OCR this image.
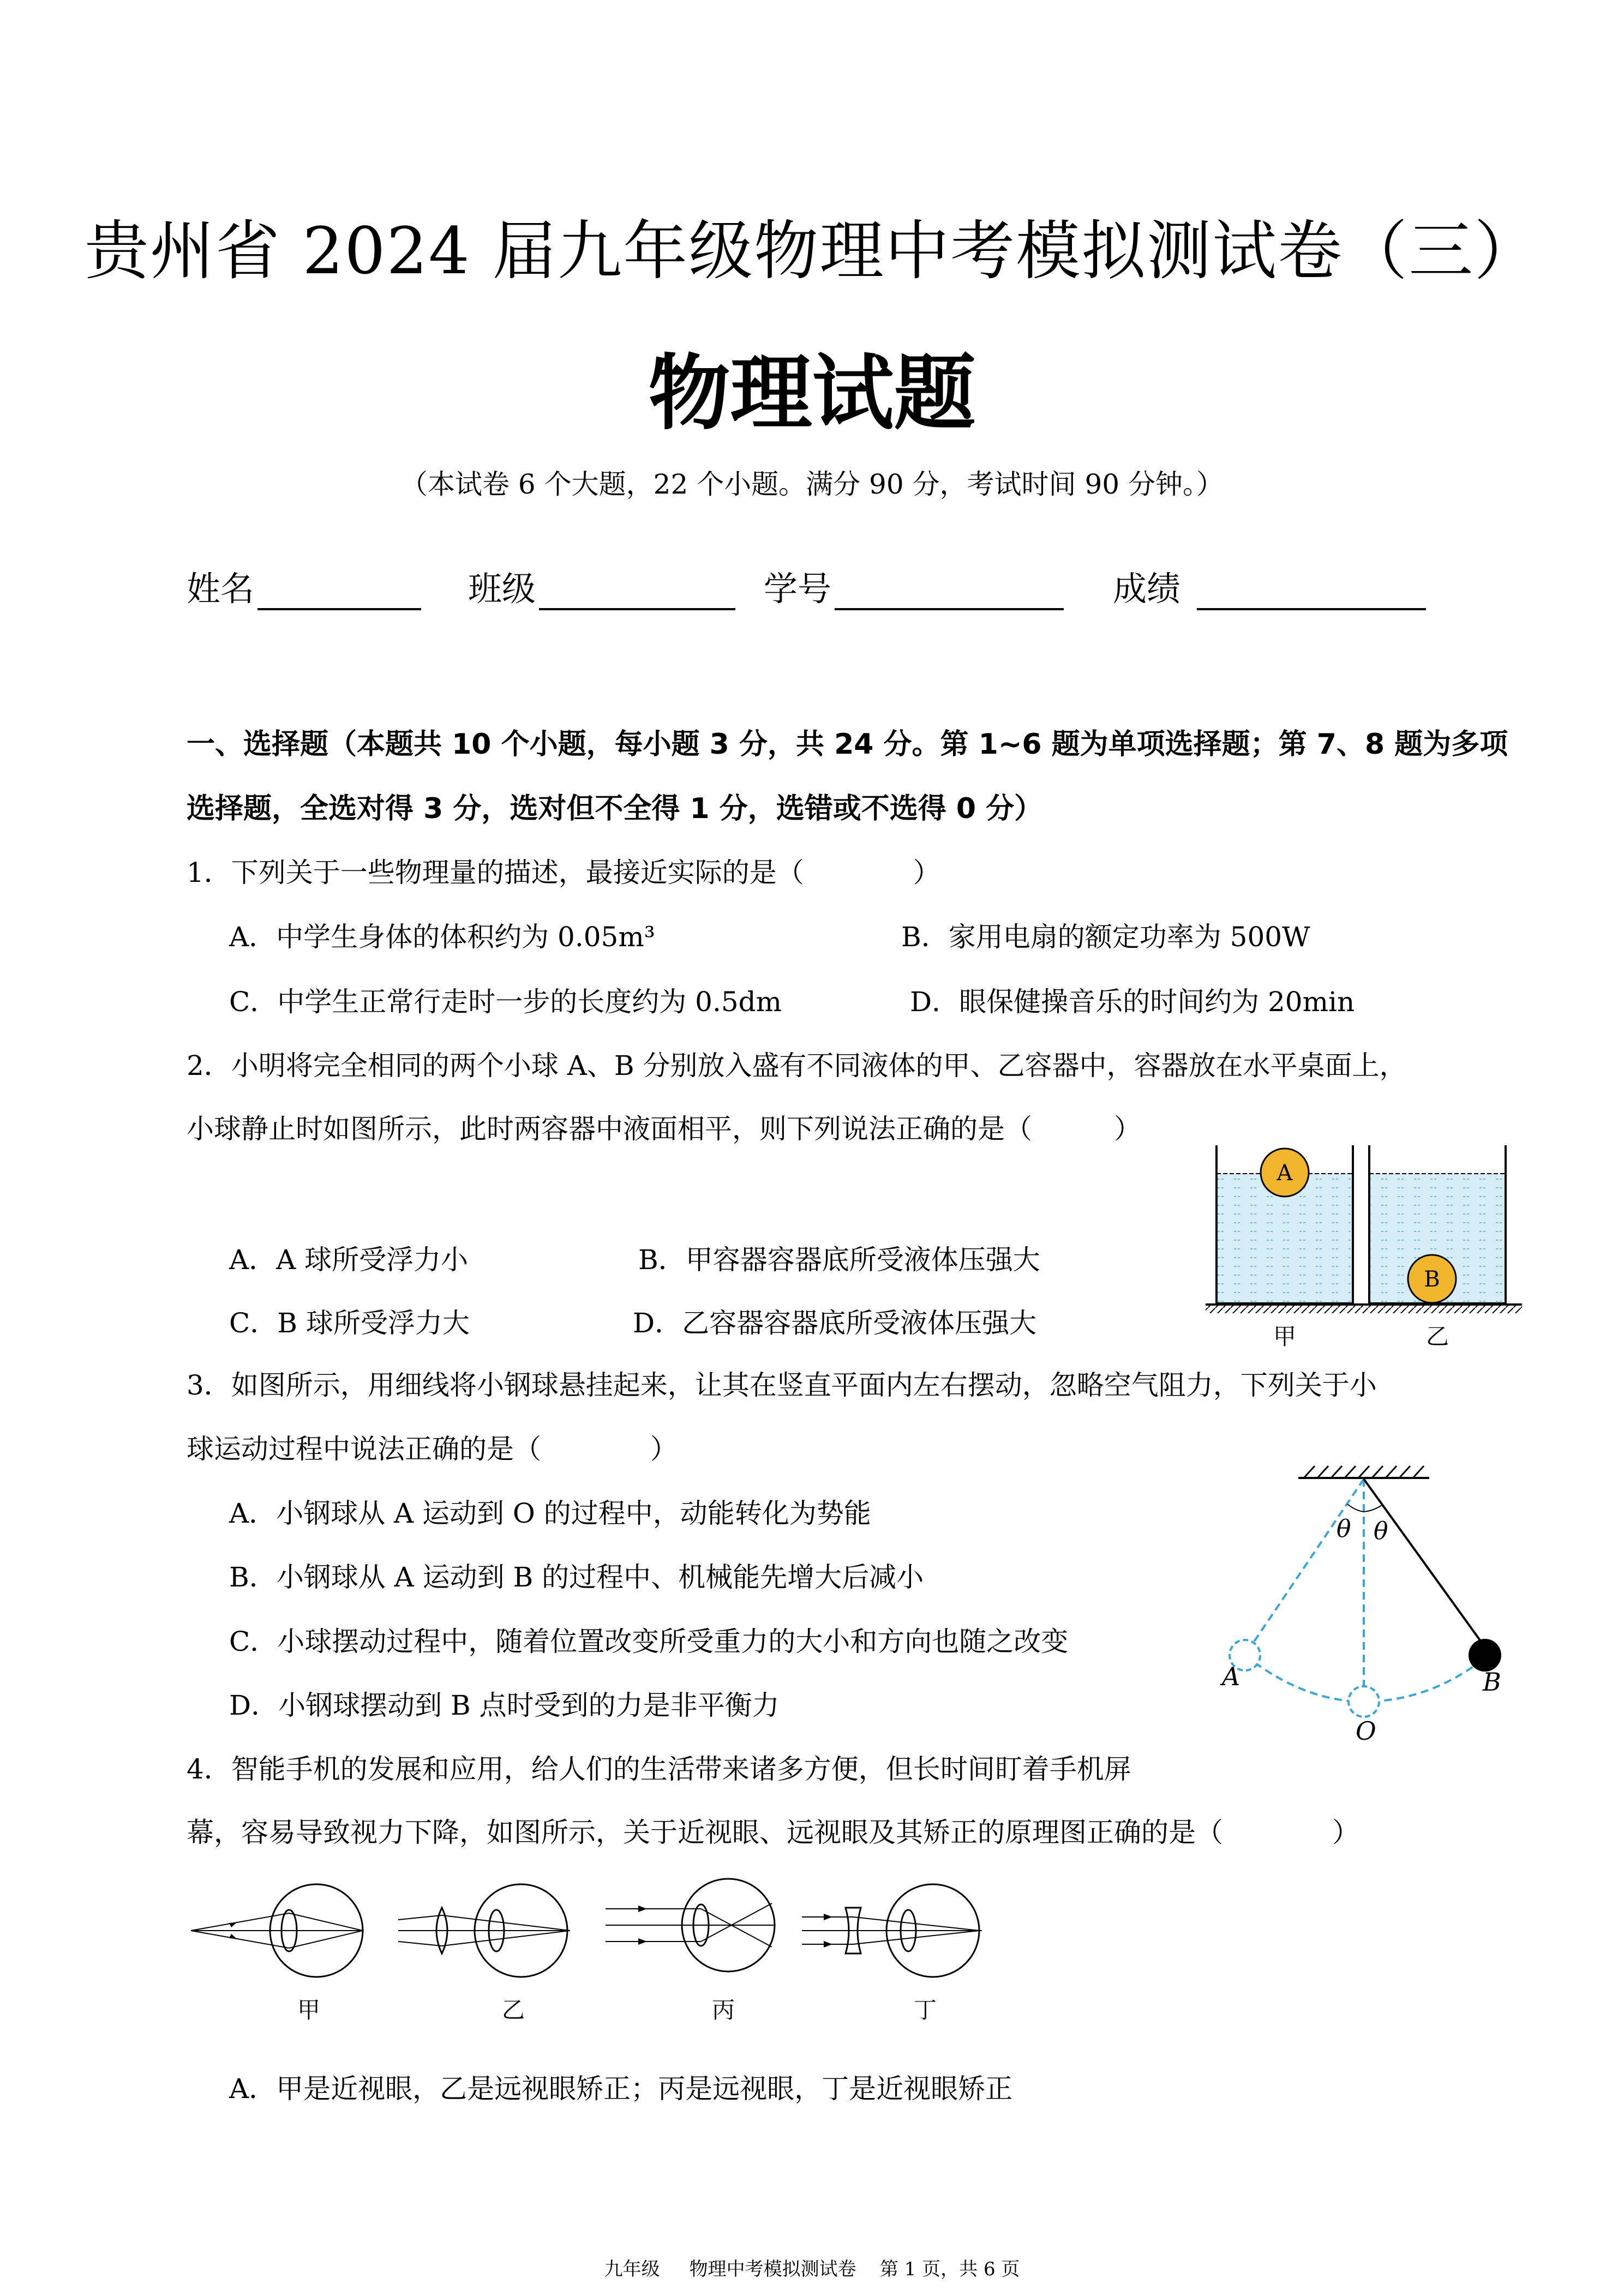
贵州省 2024 届九年级物理中考模拟测试卷（三）
物理试题
（本试卷 6 个大题，22 个小题。满分 90 分，考试时间 90 分钟。）
姓名	班级	学号	成绩
一、选择题（本题共 10 个小题，每小题 3 分，共 24 分。第 1~6 题为单项选择题；第 7、8 题为多项
选择题，全选对得 3 分，选对但不全得 1 分，选错或不选得 0 分）
1．下列关于一些物理量的描述，最接近实际的是（　　　　）
A．中学生身体的体积约为 0.05m³	B．家用电扇的额定功率为 500W
C．中学生正常行走时一步的长度约为 0.5dm	D．眼保健操音乐的时间约为 20min
2．小明将完全相同的两个小球 A、B 分别放入盛有不同液体的甲、乙容器中，容器放在水平桌面上，
小球静止时如图所示，此时两容器中液面相平，则下列说法正确的是（　　　）
A．A 球所受浮力小	B．甲容器容器底所受液体压强大
C．B 球所受浮力大	D．乙容器容器底所受液体压强大
A
B
甲	乙
3．如图所示，用细线将小钢球悬挂起来，让其在竖直平面内左右摆动，忽略空气阻力，下列关于小
球运动过程中说法正确的是（　　　　）
A．小钢球从 A 运动到 O 的过程中，动能转化为势能
B．小钢球从 A 运动到 B 的过程中、机械能先增大后减小
C．小球摆动过程中，随着位置改变所受重力的大小和方向也随之改变
D．小钢球摆动到 B 点时受到的力是非平衡力
θ θ
A
O
B
4．智能手机的发展和应用，给人们的生活带来诸多方便，但长时间盯着手机屏
幕，容易导致视力下降，如图所示，关于近视眼、远视眼及其矫正的原理图正确的是（　　　　）
甲	乙	丙	丁
A．甲是近视眼，乙是远视眼矫正；丙是远视眼，丁是近视眼矫正
九年级 物理中考模拟测试卷 第 1 页，共 6 页
